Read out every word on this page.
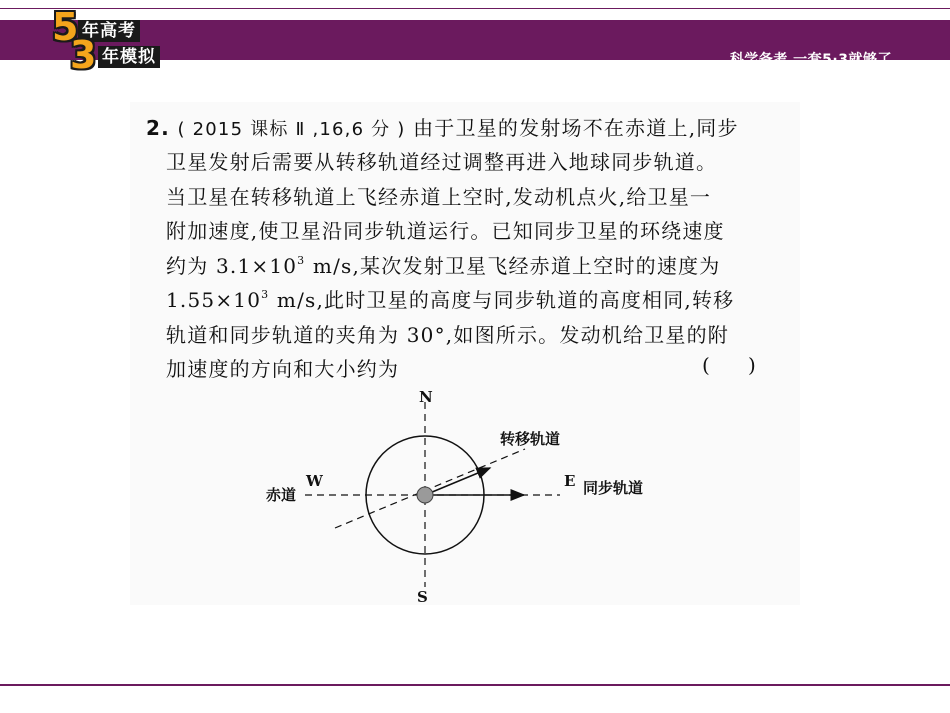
科学备考 一套5·3就够了
5 年高考
3 年模拟
2. ( 2015 课标 Ⅱ ,16,6 分 ) 由于卫星的发射场不在赤道上,同步
卫星发射后需要从转移轨道经过调整再进入地球同步轨道。
当卫星在转移轨道上飞经赤道上空时,发动机点火,给卫星一
附加速度,使卫星沿同步轨道运行。已知同步卫星的环绕速度
约为 $3.1\times 10^3$ m/s,某次发射卫星飞经赤道上空时的速度为
$1.55\times 10^3$ m/s,此时卫星的高度与同步轨道的高度相同,转移
轨道和同步轨道的夹角为 30°,如图所示。发动机给卫星的附
加速度的方向和大小约为	(      )
N
S
W	E
赤道
转移轨道
同步轨道
